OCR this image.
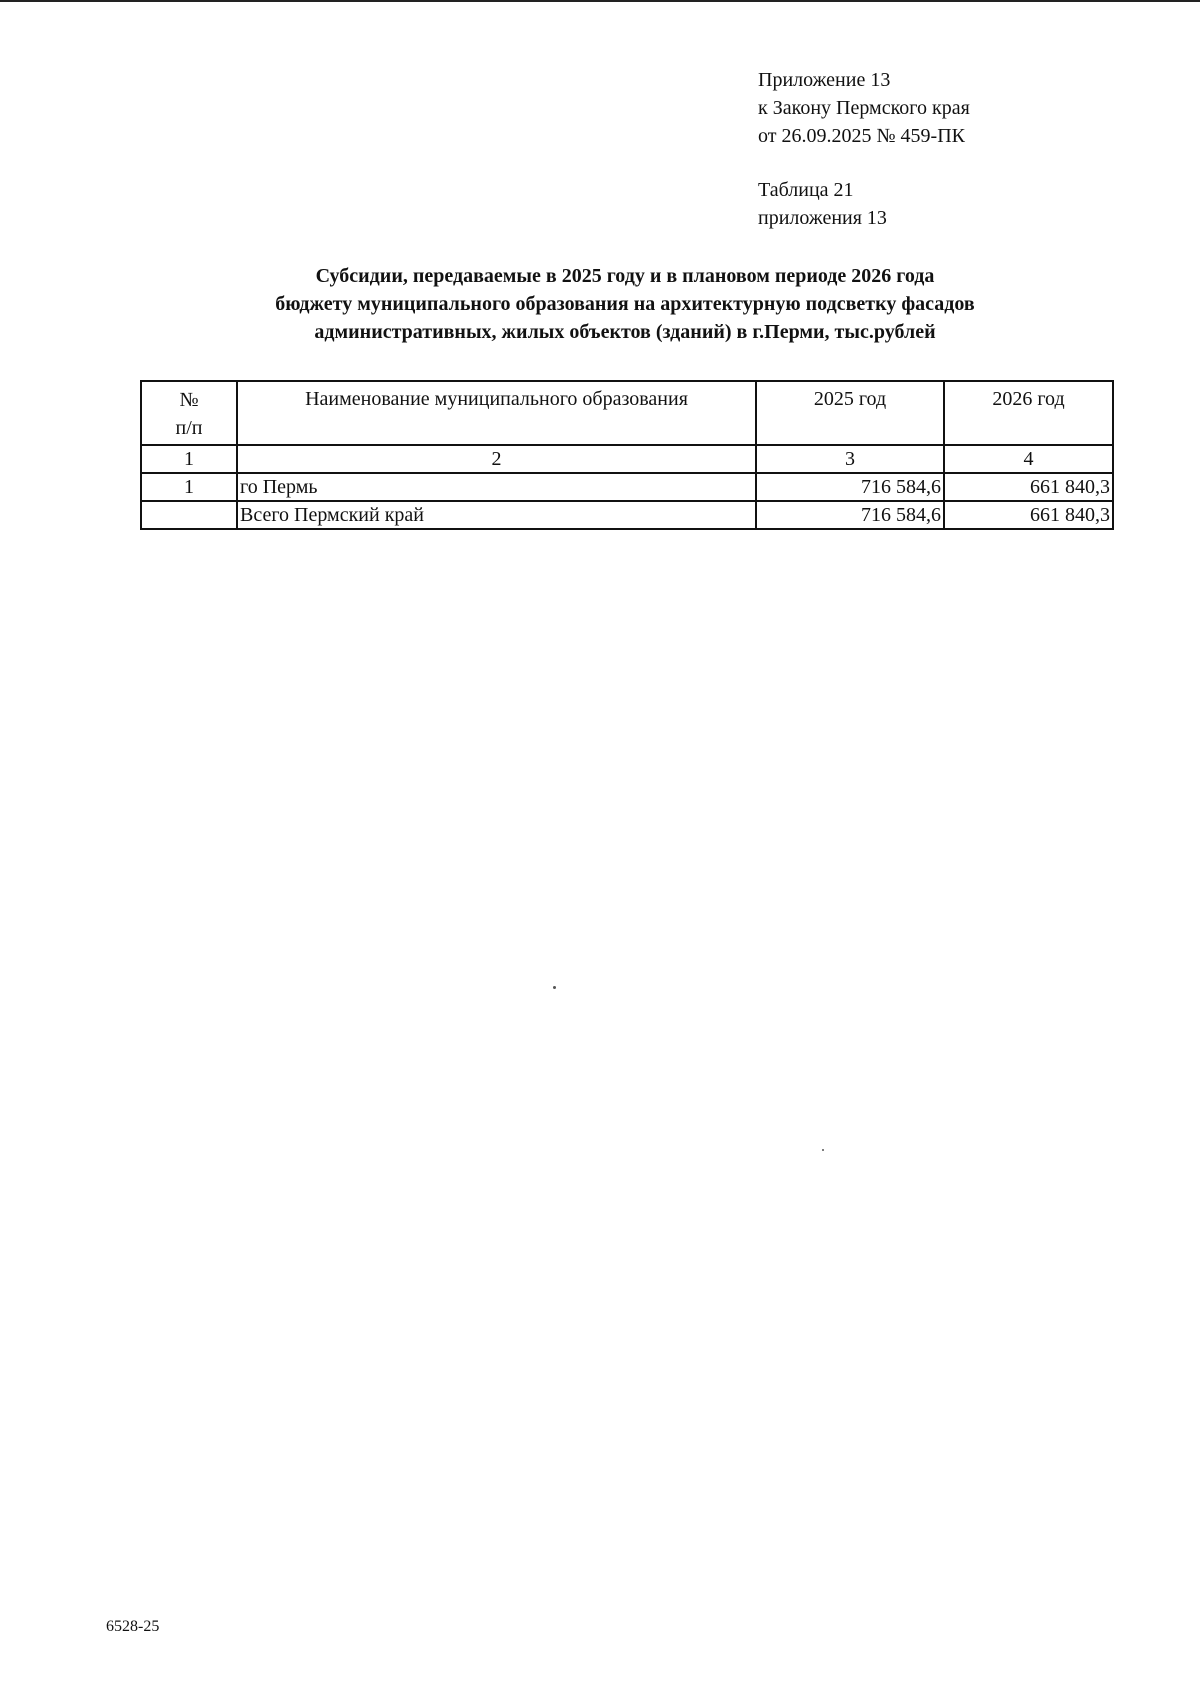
Приложение 13
к Закону Пермского края
от 26.09.2025 № 459-ПК
Таблица 21
приложения 13
Субсидии, передаваемые в 2025 году и в плановом периоде 2026 года
бюджету муниципального образования на архитектурную подсветку фасадов
административных, жилых объектов (зданий) в г.Перми, тыс.рублей
№
п/п	Наименование муниципального образования	2025 год	2026 год
1	2	3	4
1	го Пермь	716 584,6	661 840,3
	Всего Пермский край	716 584,6	661 840,3
6528-25
